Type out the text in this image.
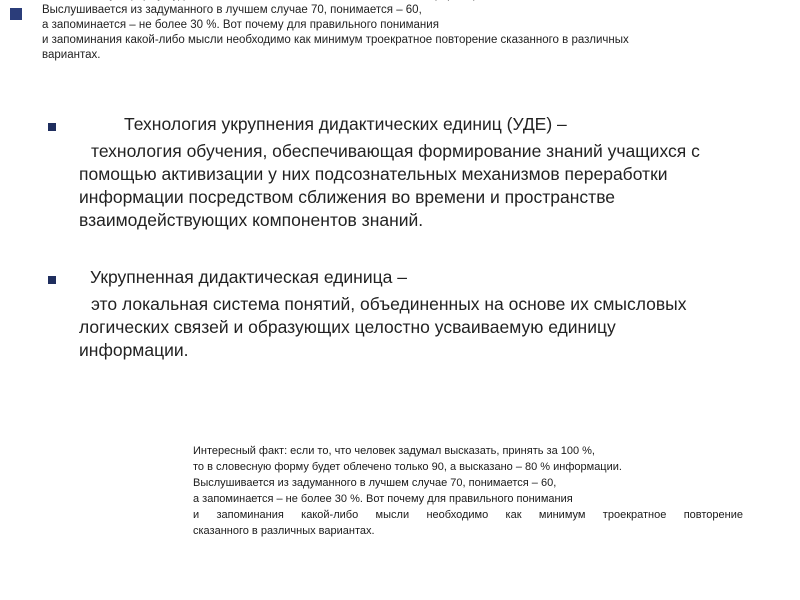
Выслушивается из задуманного в лучшем случае 70, понимается – 60,
а запоминается – не более 30 %. Вот почему для правильного понимания
и запоминания какой-либо мысли необходимо как минимум троекратное повторение сказанного в различных
вариантах.
Технология укрупнения дидактических единиц (УДЕ) –
технология обучения, обеспечивающая формирование знаний учащихся с помощью активизации у них подсознательных механизмов переработки информации посредством сближения во времени и пространстве взаимодействующих компонентов знаний.
Укрупненная дидактическая единица –
это локальная система понятий, объединенных на основе их смысловых логических связей и образующих целостно усваиваемую единицу информации.
Интересный факт: если то, что человек задумал высказать, принять за 100 %,
то в словесную форму будет облечено только 90, а высказано – 80 % информации.
Выслушивается из задуманного в лучшем случае 70, понимается – 60,
а запоминается – не более 30 %. Вот почему для правильного понимания
и запоминания какой-либо мысли необходимо как минимум троекратное повторение
сказанного в различных вариантах.
